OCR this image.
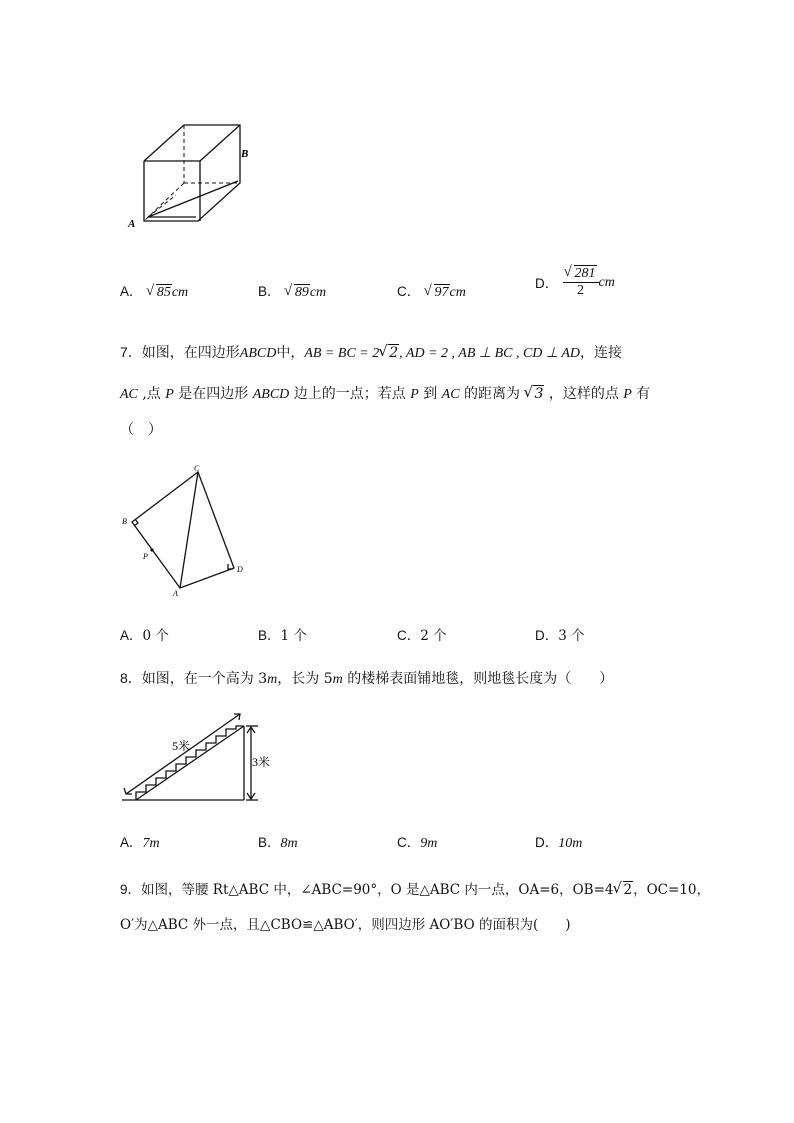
B
A
A． √ 85cm	B． √ 89cm	C． √ 97cm
D． √ $\frac{281}{2}$ cm
7．如图，在四边形ABCD中，AB = BC = 2 √ 2, AD = 2 , AB ⊥ BC , CD ⊥ AD，连接
AC ,点 P 是在四边形 ABCD 边上的一点；若点 P 到 AC 的距离为 √ 3 ，这样的点 P 有
（　）
C
B
P
A
D
A．0 个	B．1 个	C．2 个	D．3 个
8．如图，在一个高为 3m，长为 5m 的楼梯表面铺地毯，则地毯长度为（　　）
5米
3米
A．7m	B．8m	C．9m	D．10m
9．如图，等腰 Rt△ABC 中，∠ABC=90°，O 是△ABC 内一点，OA=6，OB=4 √ 2，OC=10，
O′为△ABC 外一点，且△CBO≌△ABO′，则四边形 AO′BO 的面积为(　　)
